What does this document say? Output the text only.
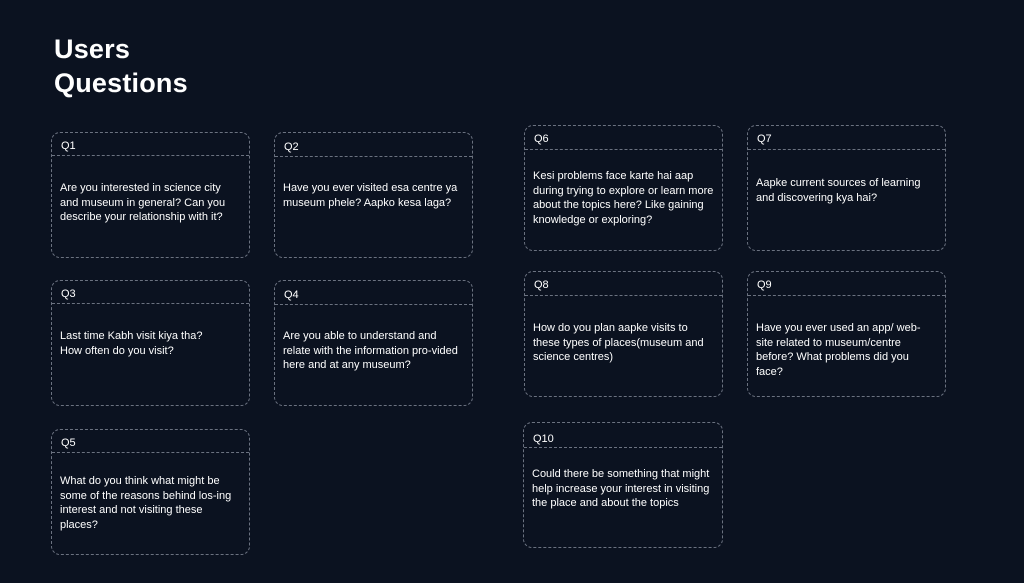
Users
Questions
Q1
Are you interested in science city and museum in general? Can you describe your relationship with it?
Q2
Have you ever visited esa centre ya museum phele? Aapko kesa laga?
Q3
Last time Kabh visit kiya tha? How often do you visit?
Q4
Are you able to understand and relate with the information pro-vided here and at any museum?
Q5
What do you think what might be some of the reasons behind los-ing interest and not visiting these places?
Q6
Kesi problems face karte hai aap during trying to explore or learn more about the topics here? Like gaining knowledge or exploring?
Q7
Aapke current sources of learning and discovering kya hai?
Q8
How do you plan aapke visits to these types of places(museum and science centres)
Q9
Have you ever used an app/ web-site related to museum/centre before? What problems did you face?
Q10
Could there be something that might help increase your interest in visiting the place and about the topics
